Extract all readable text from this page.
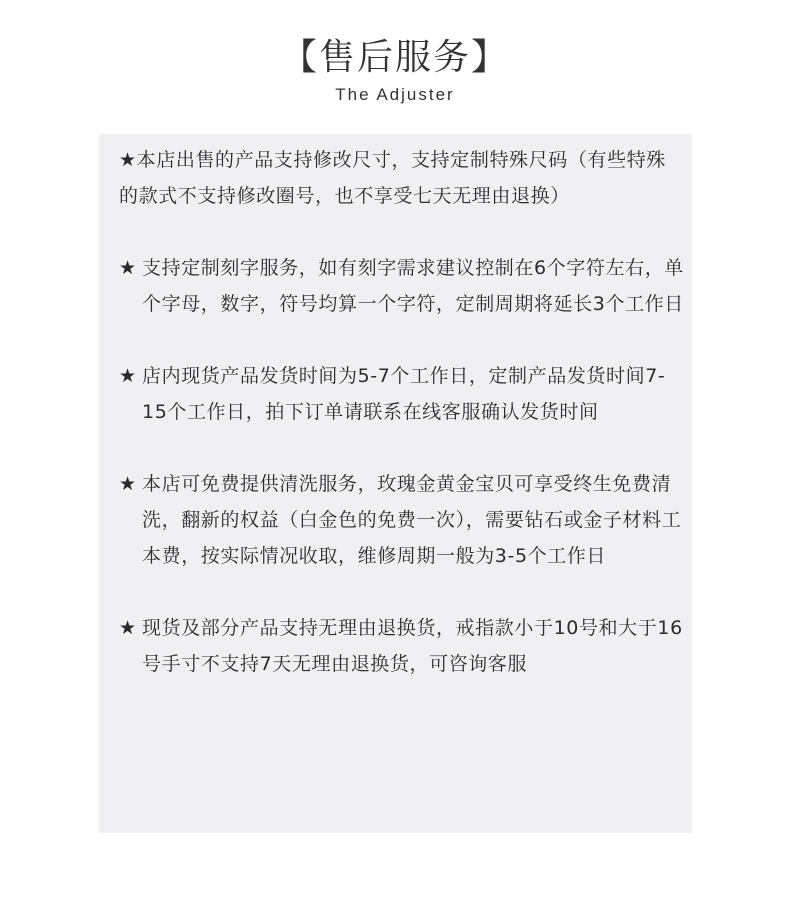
【售后服务】
The Adjuster
★本店出售的产品支持修改尺寸，支持定制特殊尺码（有些特殊的款式不支持修改圈号，也不享受七天无理由退换）
★ 支持定制刻字服务，如有刻字需求建议控制在6个字符左右，单个字母，数字，符号均算一个字符，定制周期将延长3个工作日
★ 店内现货产品发货时间为5-7个工作日，定制产品发货时间7-15个工作日，拍下订单请联系在线客服确认发货时间
★ 本店可免费提供清洗服务，玫瑰金黄金宝贝可享受终生免费清洗，翻新的权益（白金色的免费一次），需要钻石或金子材料工本费，按实际情况收取，维修周期一般为3-5个工作日
★ 现货及部分产品支持无理由退换货，戒指款小于10号和大于16号手寸不支持7天无理由退换货，可咨询客服
